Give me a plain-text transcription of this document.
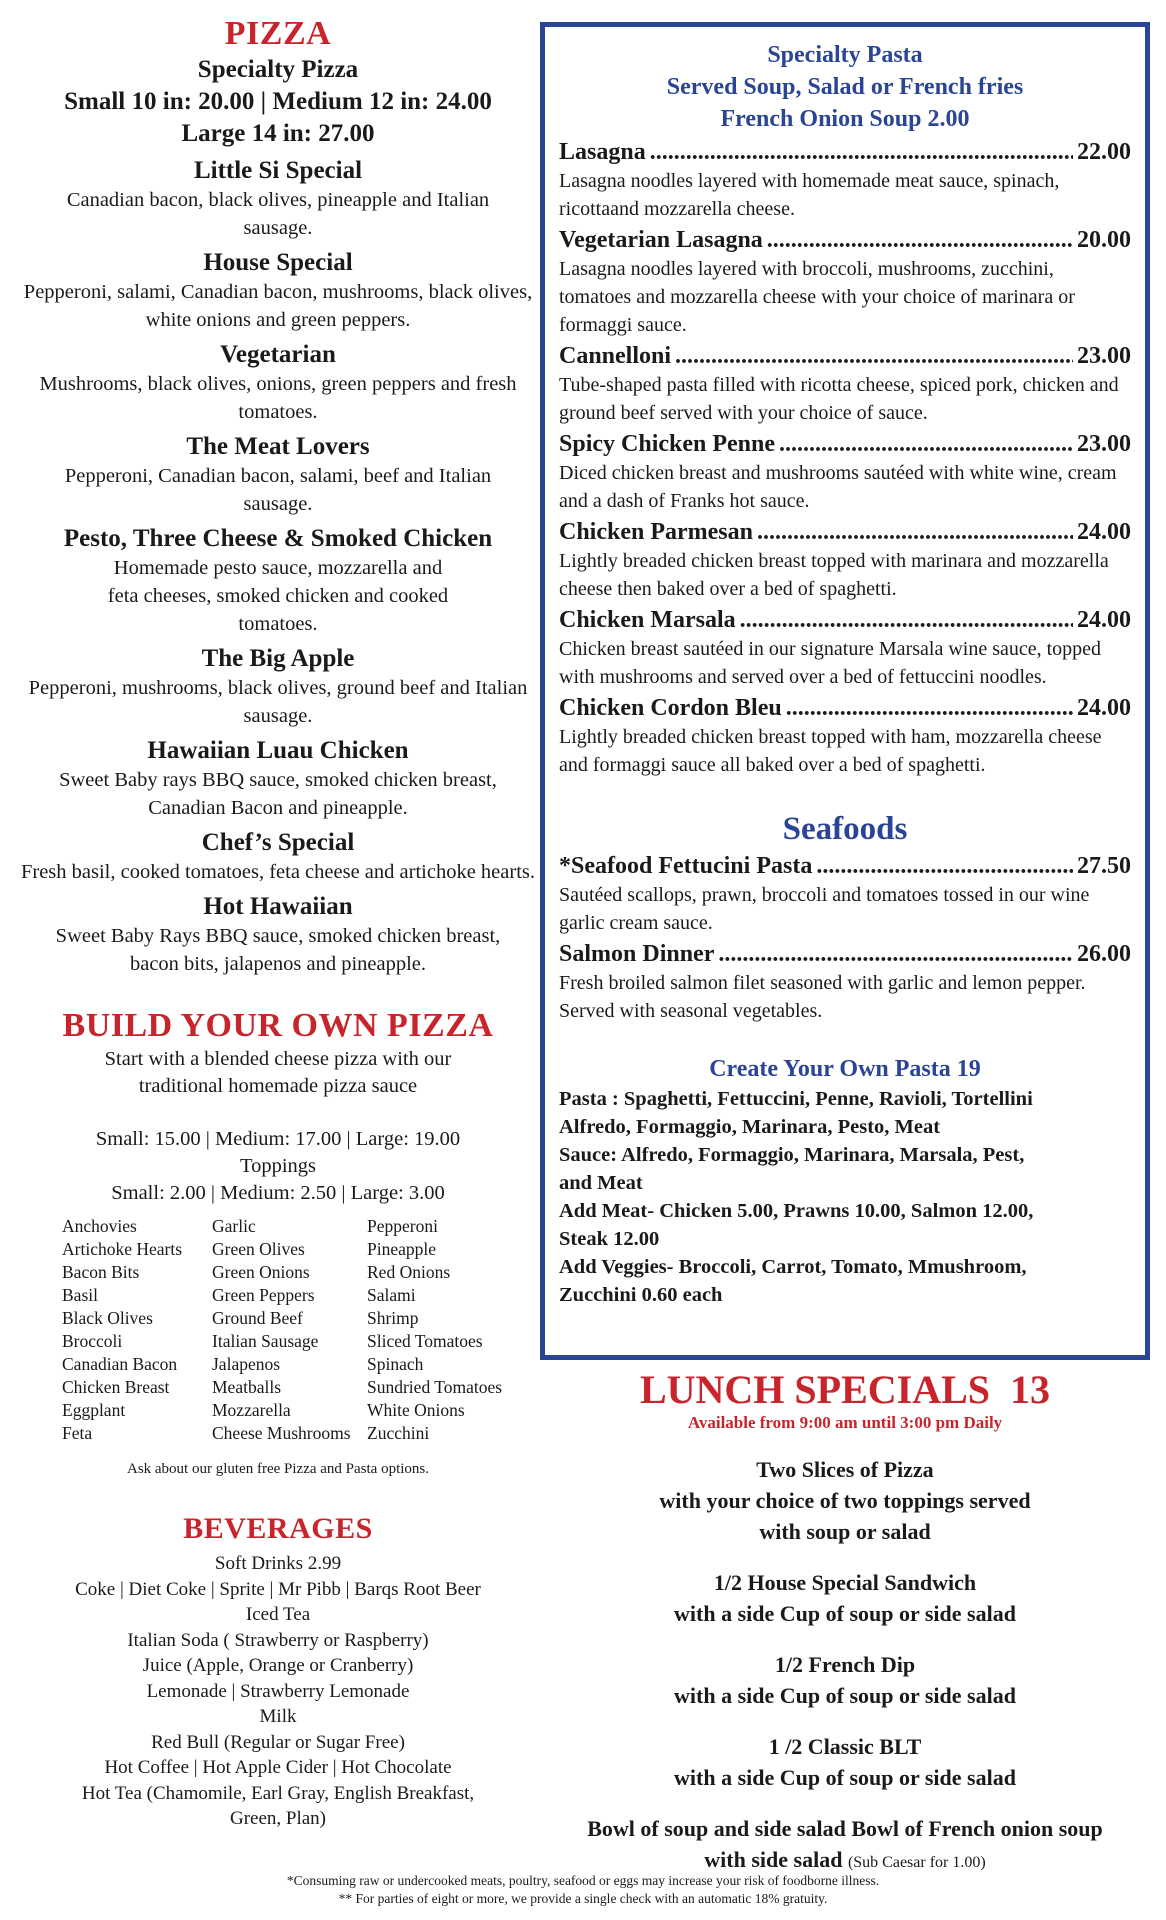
PIZZA
Specialty Pizza
Small 10 in: 20.00 | Medium 12 in: 24.00
Large 14 in: 27.00
Little Si Special
Canadian bacon, black olives, pineapple and Italian sausage.
House Special
Pepperoni, salami, Canadian bacon, mushrooms, black olives, white onions and green peppers.
Vegetarian
Mushrooms, black olives, onions, green peppers and fresh tomatoes.
The Meat Lovers
Pepperoni, Canadian bacon, salami, beef and Italian sausage.
Pesto, Three Cheese & Smoked Chicken
Homemade pesto sauce, mozzarella and feta cheeses, smoked chicken and cooked tomatoes.
The Big Apple
Pepperoni, mushrooms, black olives, ground beef and Italian sausage.
Hawaiian Luau Chicken
Sweet Baby rays BBQ sauce, smoked chicken breast, Canadian Bacon and pineapple.
Chef’s Special
Fresh basil, cooked tomatoes, feta cheese and artichoke hearts.
Hot Hawaiian
Sweet Baby Rays BBQ sauce, smoked chicken breast, bacon bits, jalapenos and pineapple.
BUILD YOUR OWN PIZZA
Start with a blended cheese pizza with our
traditional homemade pizza sauce
Small: 15.00 | Medium: 17.00 | Large: 19.00
Toppings
Small: 2.00 | Medium: 2.50 | Large: 3.00
Anchovies
Artichoke Hearts
Bacon Bits
Basil
Black Olives
Broccoli
Canadian Bacon
Chicken Breast
Eggplant
Feta
Garlic
Green Olives
Green Onions
Green Peppers
Ground Beef
Italian Sausage
Jalapenos
Meatballs
Mozzarella
Cheese Mushrooms
Pepperoni
Pineapple
Red Onions
Salami
Shrimp
Sliced Tomatoes
Spinach
Sundried Tomatoes
White Onions
Zucchini
Ask about our gluten free Pizza and Pasta options.
BEVERAGES
Soft Drinks 2.99
Coke | Diet Coke | Sprite | Mr Pibb | Barqs Root Beer
Iced Tea
Italian Soda ( Strawberry or Raspberry)
Juice (Apple, Orange or Cranberry)
Lemonade | Strawberry Lemonade
Milk
Red Bull (Regular or Sugar Free)
Hot Coffee | Hot Apple Cider | Hot Chocolate
Hot Tea (Chamomile, Earl Gray, English Breakfast,
Green, Plan)
Specialty Pasta
Served Soup, Salad or French fries
French Onion Soup 2.00
Lasagna . . .	22.00
Lasagna noodles layered with homemade meat sauce, spinach, ricottaand mozzarella cheese.
Vegetarian Lasagna . . .	20.00
Lasagna noodles layered with broccoli, mushrooms, zucchini, tomatoes and mozzarella cheese with your choice of marinara or formaggi sauce.
Cannelloni . . .	23.00
Tube-shaped pasta filled with ricotta cheese, spiced pork, chicken and ground beef served with your choice of sauce.
Spicy Chicken Penne . . .	23.00
Diced chicken breast and mushrooms sautéed with white wine, cream and a dash of Franks hot sauce.
Chicken Parmesan . . .	24.00
Lightly breaded chicken breast topped with marinara and mozzarella cheese then baked over a bed of spaghetti.
Chicken Marsala . . .	24.00
Chicken breast sautéed in our signature Marsala wine sauce, topped with mushrooms and served over a bed of fettuccini noodles.
Chicken Cordon Bleu . . .	24.00
Lightly breaded chicken breast topped with ham, mozzarella cheese and formaggi sauce all baked over a bed of spaghetti.
Seafoods
*Seafood Fettucini Pasta . . .	27.50
Sautéed scallops, prawn, broccoli and tomatoes tossed in our wine garlic cream sauce.
Salmon Dinner . . .	26.00
Fresh broiled salmon filet seasoned with garlic and lemon pepper. Served with seasonal vegetables.
Create Your Own Pasta 19
Pasta : Spaghetti, Fettuccini, Penne, Ravioli, Tortellini
Alfredo, Formaggio, Marinara, Pesto, Meat
Sauce: Alfredo, Formaggio, Marinara, Marsala, Pest,
and Meat
Add Meat- Chicken 5.00, Prawns 10.00, Salmon 12.00,
Steak 12.00
Add Veggies- Broccoli, Carrot, Tomato, Mmushroom,
Zucchini 0.60 each
LUNCH SPECIALS  13
Available from 9:00 am until 3:00 pm Daily
Two Slices of Pizza
with your choice of two toppings served
with soup or salad
1/2 House Special Sandwich
with a side Cup of soup or side salad
1/2 French Dip
with a side Cup of soup or side salad
1 /2 Classic BLT
with a side Cup of soup or side salad
Bowl of soup and side salad Bowl of French onion soup
with side salad (Sub Caesar for 1.00)
*Consuming raw or undercooked meats, poultry, seafood or eggs may increase your risk of foodborne illness.
** For parties of eight or more, we provide a single check with an automatic 18% gratuity.
